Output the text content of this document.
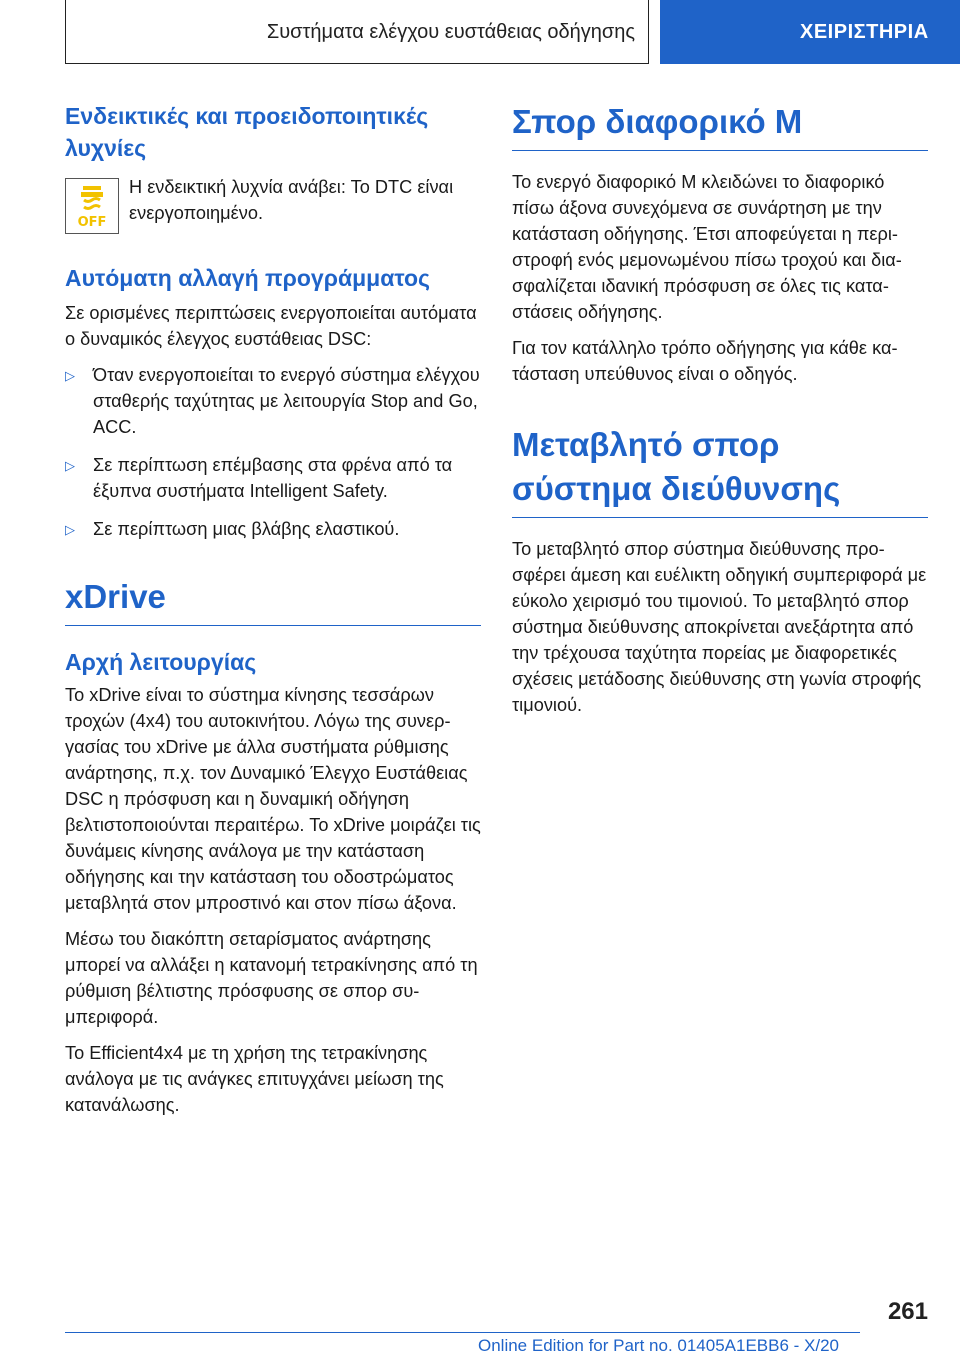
Συστήματα ελέγχου ευστάθειας οδήγησης	ΧΕΙΡΙΣΤΗΡΙΑ
Ενδεικτικές και προειδοποιητικές λυχνίες
OFF

Η ενδεικτική λυχνία ανάβει: Το DTC είναι ενεργοποιημένο.

Αυτόματη αλλαγή προγράμματος

Σε ορισμένες περιπτώσεις ενεργοποιείται αυτόματα ο δυναμικός έλεγχος ευστάθειας DSC:

▷ Όταν ενεργοποιείται το ενεργό σύστημα ελέγχου σταθερής ταχύτητας με λειτουργία Stop and Go, ACC.
▷ Σε περίπτωση επέμβασης στα φρένα από τα έξυπνα συστήματα Intelligent Safety.
▷ Σε περίπτωση μιας βλάβης ελαστικού.
xDrive
Αρχή λειτουργίας

Το xDrive είναι το σύστημα κίνησης τεσσάρων τροχών (4x4) του αυτοκινήτου. Λόγω της συνεργασίας του xDrive με άλλα συστήματα ρύθμισης ανάρτησης, π.χ. τον Δυναμικό Έλεγχο Ευστάθειας DSC η πρόσφυση και η δυναμική οδήγηση βελτιστοποιούνται περαιτέρω. Το xDrive μοιράζει τις δυνάμεις κίνησης ανάλογα με την κατάσταση οδήγησης και την κατάσταση του οδοστρώματος μεταβλητά στον μπροστινό και στον πίσω άξονα.

Μέσω του διακόπτη σεταρίσματος ανάρτησης μπορεί να αλλάξει η κατανομή τετρακίνησης από τη ρύθμιση βέλτιστης πρόσφυσης σε σπορ συμπεριφορά.

Το Efficient4x4 με τη χρήση της τετρακίνησης ανάλογα με τις ανάγκες επιτυγχάνει μείωση της κατανάλωσης.

Σπορ διαφορικό M

Το ενεργό διαφορικό M κλειδώνει το διαφορικό πίσω άξονα συνεχόμενα σε συνάρτηση με την κατάσταση οδήγησης. Έτσι αποφεύγεται η περιστροφή ενός μεμονωμένου πίσω τροχού και διασφαλίζεται ιδανική πρόσφυση σε όλες τις καταστάσεις οδήγησης.

Για τον κατάλληλο τρόπο οδήγησης για κάθε κατάσταση υπεύθυνος είναι ο οδηγός.

Μεταβλητό σπορ σύστημα διεύθυνσης

Το μεταβλητό σπορ σύστημα διεύθυνσης προσφέρει άμεση και ευέλικτη οδηγική συμπεριφορά με εύκολο χειρισμό του τιμονιού. Το μεταβλητό σπορ σύστημα διεύθυνσης αποκρίνεται ανεξάρτητα από την τρέχουσα ταχύτητα πορείας με διαφορετικές σχέσεις μετάδοσης διεύθυνσης στη γωνία στροφής τιμονιού.

261
Online Edition for Part no. 01405A1EBB6 - X/20
